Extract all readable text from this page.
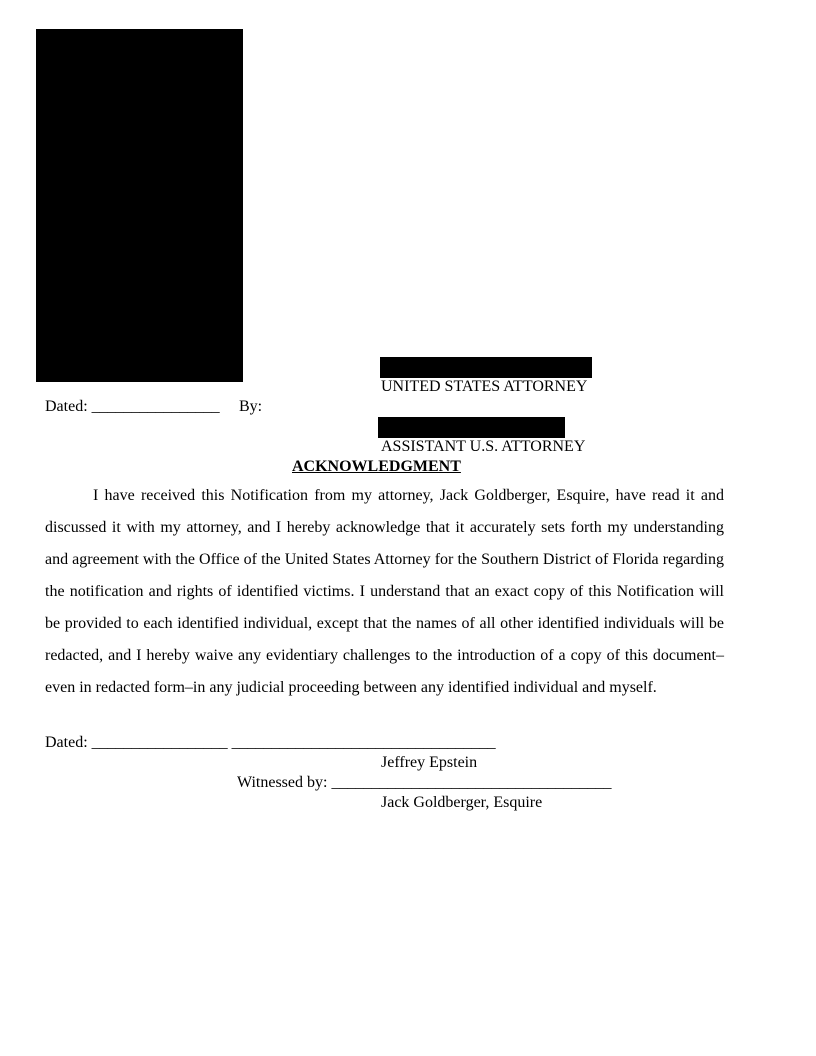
UNITED STATES ATTORNEY
Dated: ________________ By:
ASSISTANT U.S. ATTORNEY
ACKNOWLEDGMENT

I have received this Notification from my attorney, Jack Goldberger, Esquire, have read it and discussed it with my attorney, and I hereby acknowledge that it accurately sets forth my understanding and agreement with the Office of the United States Attorney for the Southern District of Florida regarding the notification and rights of identified victims. I understand that an exact copy of this Notification will be provided to each identified individual, except that the names of all other identified individuals will be redacted, and I hereby waive any evidentiary challenges to the introduction of a copy of this document–even in redacted form–in any judicial proceeding between any identified individual and myself.

Dated: _________________ _________________________________
Jeffrey Epstein
Witnessed by: ___________________________________
Jack Goldberger, Esquire
